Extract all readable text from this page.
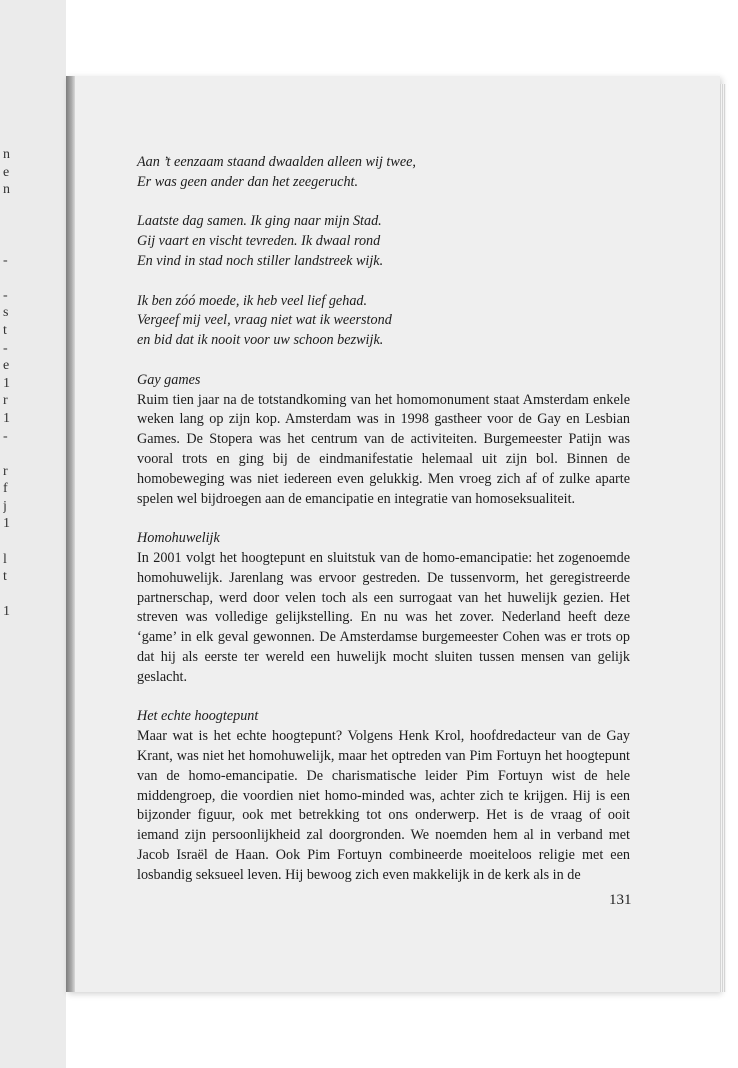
n
e
n

-

-
s
t
-
e
1
r
1
-

r
f
j
1

l
t

1
Aan ’t eenzaam staand dwaalden alleen wij twee,
Er was geen ander dan het zeegerucht.
Laatste dag samen. Ik ging naar mijn Stad.
Gij vaart en vischt tevreden. Ik dwaal rond
En vind in stad noch stiller landstreek wijk.
Ik ben zóó moede, ik heb veel lief gehad.
Vergeef mij veel, vraag niet wat ik weerstond
en bid dat ik nooit voor uw schoon bezwijk.
Gay games

Ruim tien jaar na de totstandkoming van het homomonument staat Amsterdam enkele weken lang op zijn kop. Amsterdam was in 1998 gastheer voor de Gay en Lesbian Games. De Stopera was het centrum van de activiteiten. Burgemeester Patijn was vooral trots en ging bij de eindmanifestatie helemaal uit zijn bol. Binnen de homobeweging was niet iedereen even gelukkig. Men vroeg zich af of zulke aparte spelen wel bijdroegen aan de emancipatie en integratie van homoseksualiteit.

Homohuwelijk

In 2001 volgt het hoogtepunt en sluitstuk van de homo-emancipatie: het zogenoemde homohuwelijk. Jarenlang was ervoor gestreden. De tussenvorm, het geregistreerde partnerschap, werd door velen toch als een surrogaat van het huwelijk gezien. Het streven was volledige gelijkstelling. En nu was het zover. Nederland heeft deze ‘game’ in elk geval gewonnen. De Amsterdamse burgemeester Cohen was er trots op dat hij als eerste ter wereld een huwelijk mocht sluiten tussen mensen van gelijk geslacht.

Het echte hoogtepunt

Maar wat is het echte hoogtepunt? Volgens Henk Krol, hoofdredacteur van de Gay Krant, was niet het homohuwelijk, maar het optreden van Pim Fortuyn het hoogtepunt van de homo-emancipatie. De charismatische leider Pim Fortuyn wist de hele middengroep, die voordien niet homo-minded was, achter zich te krijgen. Hij is een bijzonder figuur, ook met betrekking tot ons onderwerp. Het is de vraag of ooit iemand zijn persoonlijkheid zal doorgronden. We noemden hem al in verband met Jacob Israël de Haan. Ook Pim Fortuyn combineerde moeiteloos religie met een losbandig seksueel leven. Hij bewoog zich even makkelijk in de kerk als in de

131
